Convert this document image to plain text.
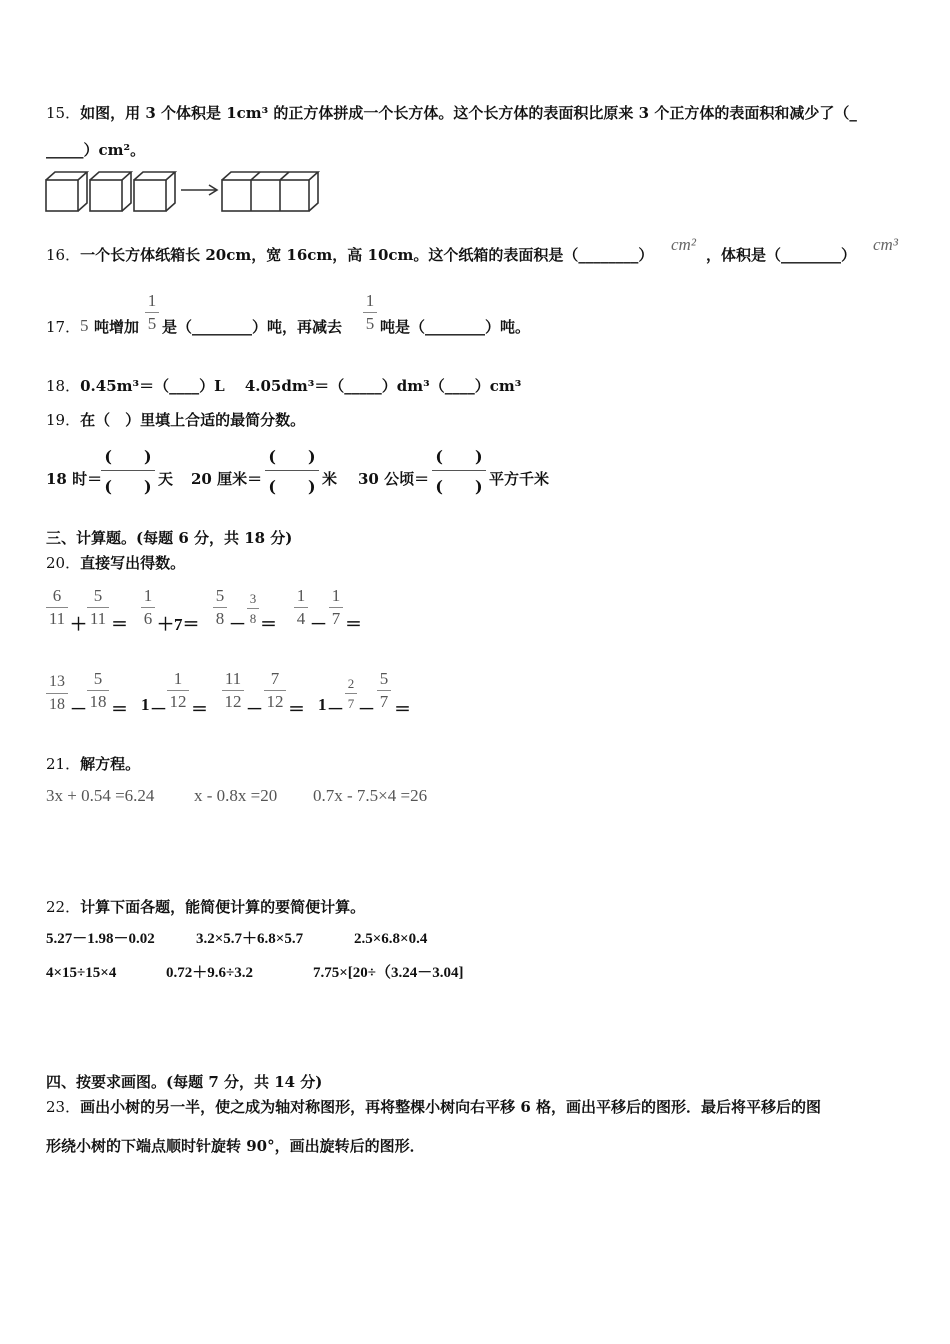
15．如图，用 3 个体积是 1cm³ 的正方体拼成一个长方体。这个长方体的表面积比原来 3 个正方体的表面积和减少了（_
_____）cm²。
16．一个长方体纸箱长 20cm，宽 16cm，高 10cm。这个纸箱的表面积是（________）
cm²
，体积是（________）
cm³
17． 5 吨增加
1
5 是（________）吨，再减去
1
5 吨是（________）吨。
18．0.45m³＝（____）L　 4.05dm³＝（_____）dm³（____）cm³
19．在（　）里填上合适的最简分数。
18 时＝
(　　)
(　　) 天 20 厘米＝
(　　)
(　　) 米 30 公顷＝
(　　)
(　　) 平方千米
三、计算题。(每题 6 分，共 18 分)
20．直接写出得数。
6
11 ＋
5
11 ＝
1
6 ＋7＝
5
8 －
3
8 ＝
1
4 －
1
7 ＝
13
18 －
5
18 ＝ 1 －
1
12 ＝
11
12 －
7
12 ＝ 1 －
2
7 －
5
7 ＝
21．解方程。
3x + 0.54 =6.24 x - 0.8x =20 0.7x - 7.5×4 =26
22．计算下面各题，能简便计算的要简便计算。
5.27－1.98－0.02	3.2×5.7＋6.8×5.7	2.5×6.8×0.4
4×15÷15×4	0.72＋9.6÷3.2	7.75×[20÷（3.24－3.04]
四、按要求画图。(每题 7 分，共 14 分)
23．画出小树的另一半，使之成为轴对称图形，再将整棵小树向右平移 6 格，画出平移后的图形．最后将平移后的图
形绕小树的下端点顺时针旋转 90°，画出旋转后的图形．
